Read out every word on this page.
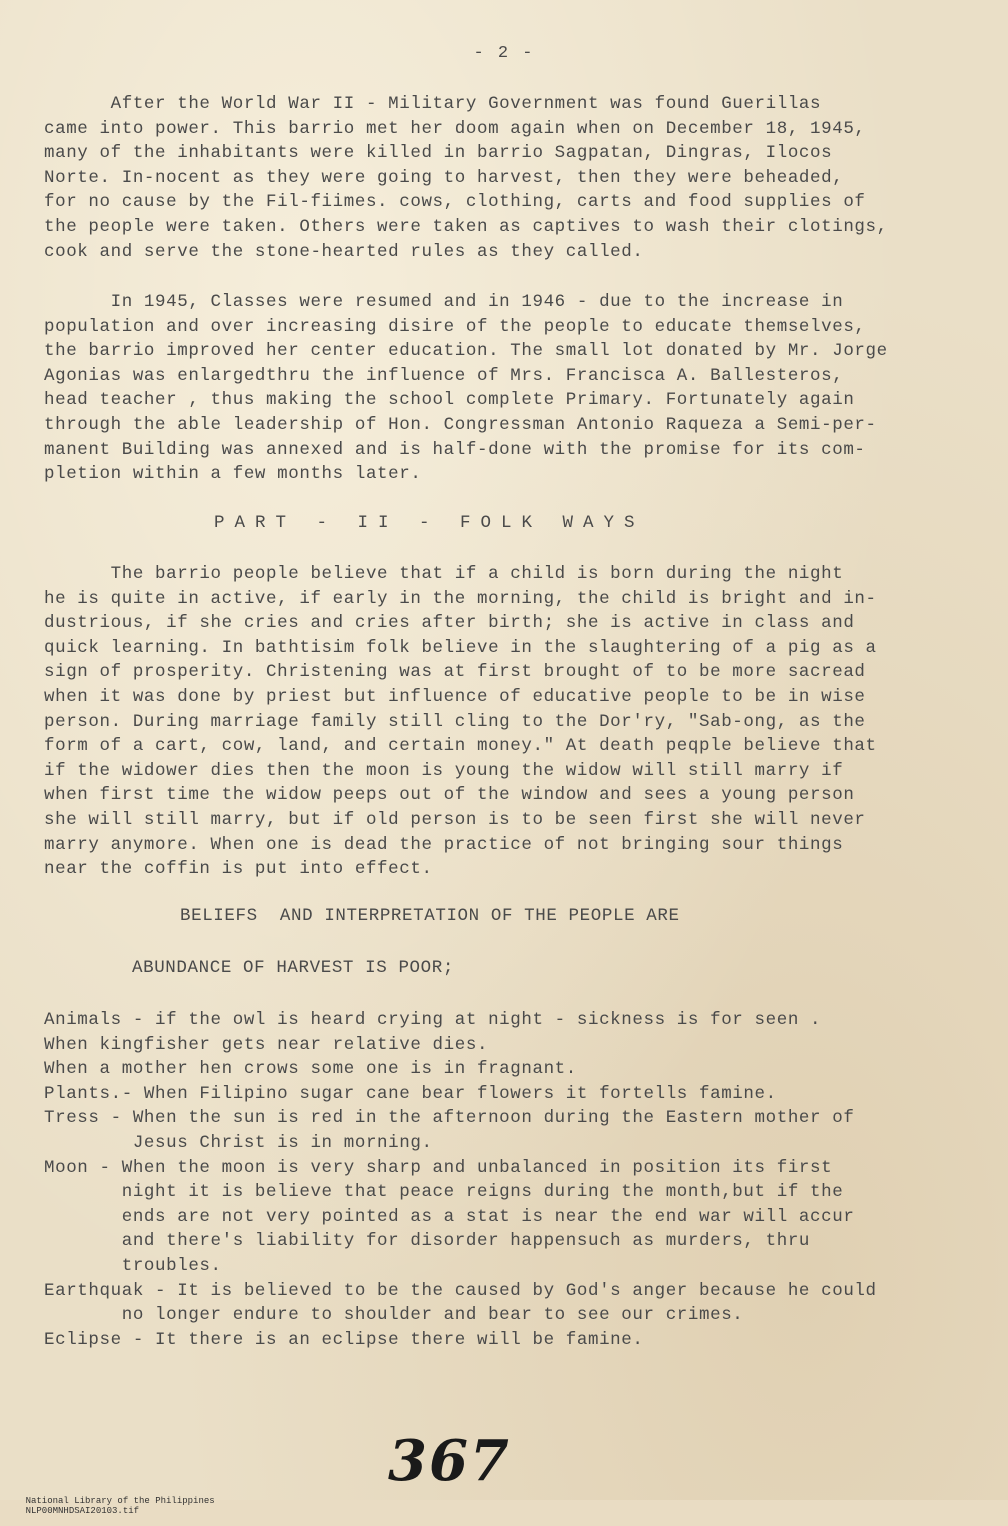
- 2 -
After the World War II - Military Government was found Guerillas
came into power. This barrio met her doom again when on December 18, 1945,
many of the inhabitants were killed in barrio Sagpatan, Dingras, Ilocos
Norte. In-nocent as they were going to harvest, then they were beheaded,
for no cause by the Fil-fiimes. cows, clothing, carts and food supplies of
the people were taken. Others were taken as captives to wash their clotings,
cook and serve the stone-hearted rules as they called.
In 1945, Classes were resumed and in 1946 - due to the increase in
population and over increasing disire of the people to educate themselves,
the barrio improved her center education. The small lot donated by Mr. Jorge
Agonias was enlargedthru the influence of Mrs. Francisca A. Ballesteros,
head teacher , thus making the school complete Primary. Fortunately again
through the able leadership of Hon. Congressman Antonio Raqueza a Semi-per-
manent Building was annexed and is half-done with the promise for its com-
pletion within a few months later.
PART - II - FOLK WAYS
The barrio people believe that if a child is born during the night
he is quite in active, if early in the morning, the child is bright and in-
dustrious, if she cries and cries after birth; she is active in class and
quick learning. In bathtisim folk believe in the slaughtering of a pig as a
sign of prosperity. Christening was at first brought of to be more sacread
when it was done by priest but influence of educative people to be in wise
person. During marriage family still cling to the Dor'ry, "Sab-ong, as the
form of a cart, cow, land, and certain money." At death peqple believe that
if the widower dies then the moon is young the widow will still marry if
when first time the widow peeps out of the window and sees a young person
she will still marry, but if old person is to be seen first she will never
marry anymore. When one is dead the practice of not bringing sour things
near the coffin is put into effect.
BELIEFS  AND INTERPRETATION OF THE PEOPLE ARE
ABUNDANCE OF HARVEST IS POOR;
Animals - if the owl is heard crying at night - sickness is for seen .
When kingfisher gets near relative dies.
When a mother hen crows some one is in fragnant.
Plants.- When Filipino sugar cane bear flowers it fortells famine.
Tress - When the sun is red in the afternoon during the Eastern mother of
Jesus Christ is in morning.
Moon - When the moon is very sharp and unbalanced in position its first
night it is believe that peace reigns during the month,but if the
ends are not very pointed as a stat is near the end war will accur
and there's liability for disorder happensuch as murders, thru
troubles.
Earthquak - It is believed to be the caused by God's anger because he could
no longer endure to shoulder and bear to see our crimes.
Eclipse - It there is an eclipse there will be famine.
367

National Library of the Philippines
NLP00MNHDSAI20103.tif
